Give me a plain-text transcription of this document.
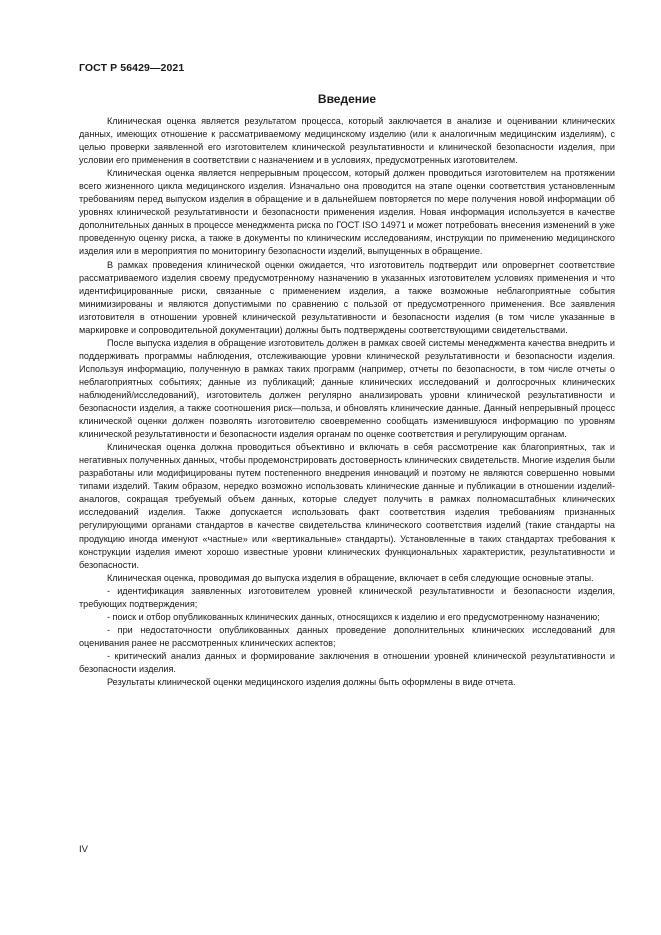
ГОСТ Р 56429—2021
Введение

Клиническая оценка является результатом процесса, который заключается в анализе и оценивании клинических данных, имеющих отношение к рассматриваемому медицинскому изделию (или к аналогичным медицинским изделиям), с целью проверки заявленной его изготовителем клинической результативности и клинической безопасности изделия, при условии его применения в соответствии с назначением и в условиях, предусмотренных изготовителем.

Клиническая оценка является непрерывным процессом, который должен проводиться изготовителем на протяжении всего жизненного цикла медицинского изделия. Изначально она проводится на этапе оценки соответствия установленным требованиям перед выпуском изделия в обращение и в дальнейшем повторяется по мере получения новой информации об уровнях клинической результативности и безопасности применения изделия. Новая информация используется в качестве дополнительных данных в процессе менеджмента риска по ГОСТ ISO 14971 и может потребовать внесения изменений в уже проведенную оценку риска, а также в документы по клиническим исследованиям, инструкции по применению медицинского изделия или в мероприятия по мониторингу безопасности изделий, выпущенных в обращение.

В рамках проведения клинической оценки ожидается, что изготовитель подтвердит или опровергнет соответствие рассматриваемого изделия своему предусмотренному назначению в указанных изготовителем условиях применения и что идентифицированные риски, связанные с применением изделия, а также возможные неблагоприятные события минимизированы и являются допустимыми по сравнению с пользой от предусмотренного применения. Все заявления изготовителя в отношении уровней клинической результативности и безопасности изделия (в том числе указанные в маркировке и сопроводительной документации) должны быть подтверждены соответствующими свидетельствами.

После выпуска изделия в обращение изготовитель должен в рамках своей системы менеджмента качества внедрить и поддерживать программы наблюдения, отслеживающие уровни клинической результативности и безопасности изделия. Используя информацию, полученную в рамках таких программ (например, отчеты по безопасности, в том числе отчеты о неблагоприятных событиях; данные из публикаций; данные клинических исследований и долгосрочных клинических наблюдений/исследований), изготовитель должен регулярно анализировать уровни клинической результативности и безопасности изделия, а также соотношения риск—польза, и обновлять клинические данные. Данный непрерывный процесс клинической оценки должен позволять изготовителю своевременно сообщать изменившуюся информацию по уровням клинической результативности и безопасности изделия органам по оценке соответствия и регулирующим органам.

Клиническая оценка должна проводиться объективно и включать в себя рассмотрение как благоприятных, так и негативных полученных данных, чтобы продемонстрировать достоверность клинических свидетельств. Многие изделия были разработаны или модифицированы путем постепенного внедрения инноваций и поэтому не являются совершенно новыми типами изделий. Таким образом, нередко возможно использовать клинические данные и публикации в отношении изделий-аналогов, сокращая требуемый объем данных, которые следует получить в рамках полномасштабных клинических исследований изделия. Также допускается использовать факт соответствия изделия требованиям признанных регулирующими органами стандартов в качестве свидетельства клинического соответствия изделий (такие стандарты на продукцию иногда именуют «частные» или «вертикальные» стандарты). Установленные в таких стандартах требования к конструкции изделия имеют хорошо известные уровни клинических функциональных характеристик, результативности и безопасности.

Клиническая оценка, проводимая до выпуска изделия в обращение, включает в себя следующие основные этапы.

- идентификация заявленных изготовителем уровней клинической результативности и безопасности изделия, требующих подтверждения;

- поиск и отбор опубликованных клинических данных, относящихся к изделию и его предусмотренному назначению;

- при недостаточности опубликованных данных проведение дополнительных клинических исследований для оценивания ранее не рассмотренных клинических аспектов;

- критический анализ данных и формирование заключения в отношении уровней клинической результативности и безопасности изделия.

Результаты клинической оценки медицинского изделия должны быть оформлены в виде отчета.

IV
